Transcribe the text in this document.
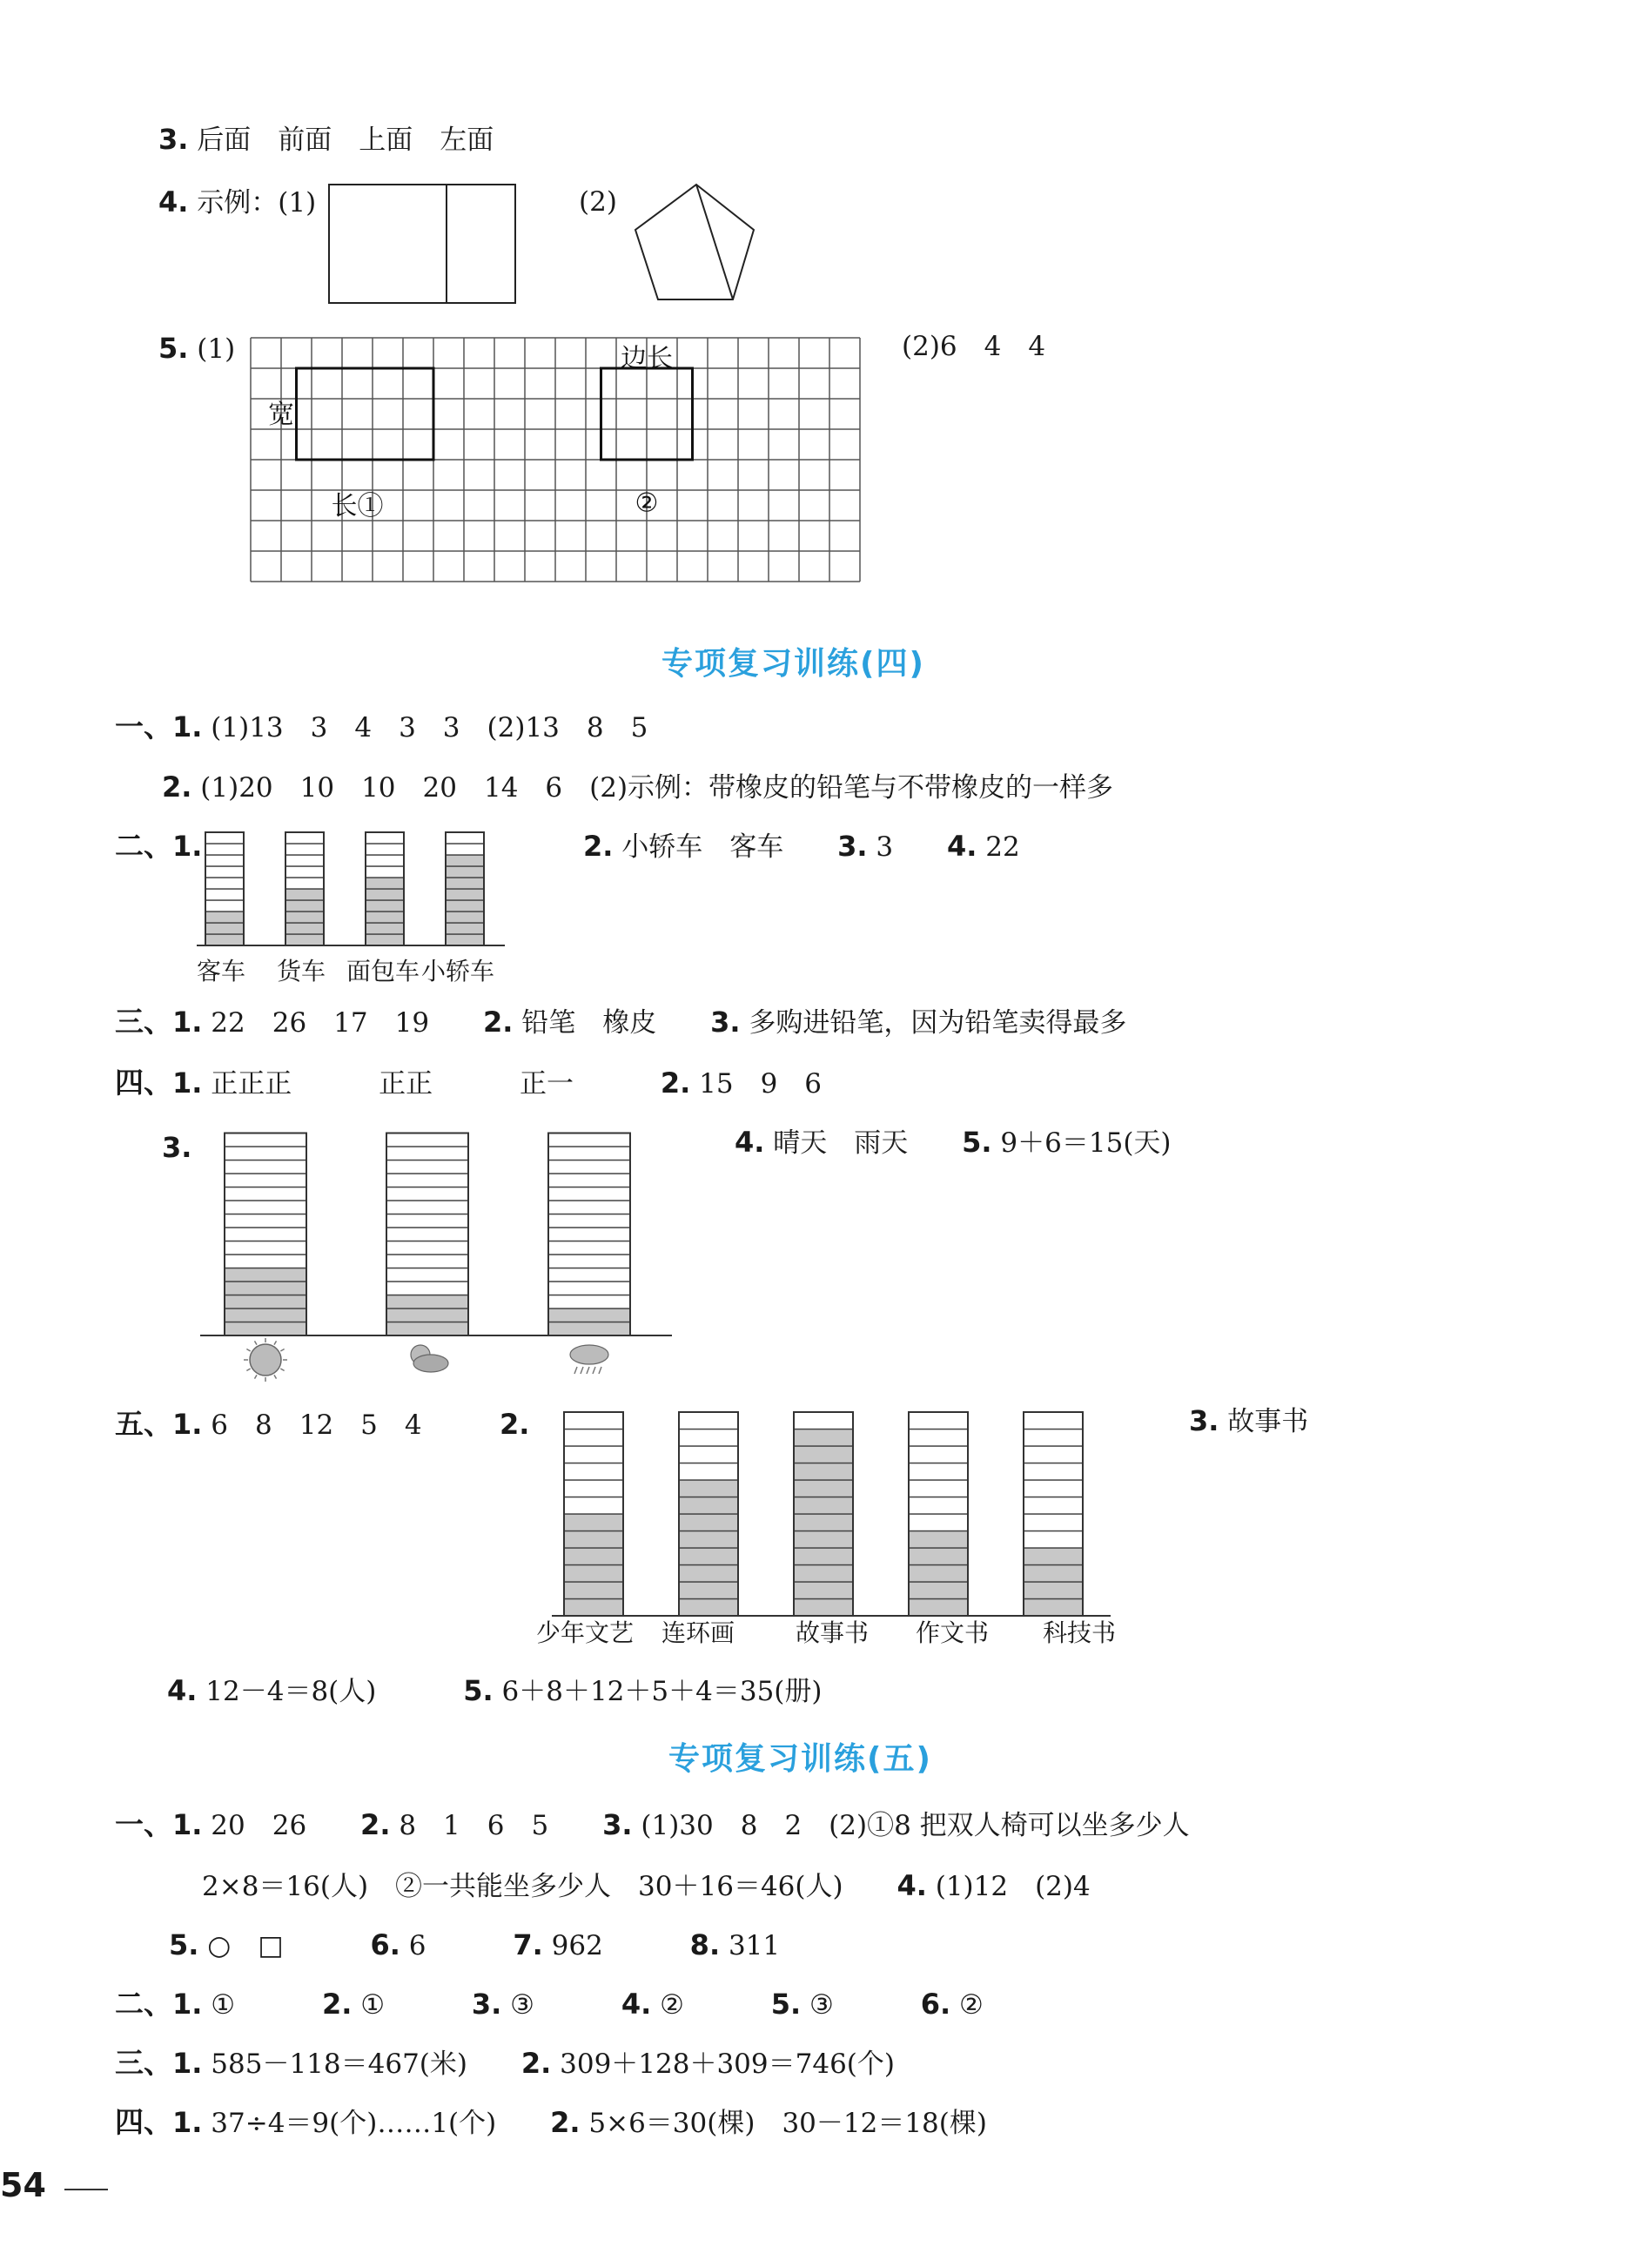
3. 后面　前面　上面　左面
4. 示例：(1)	(2)
5. (1)
宽
长①
边长
②
(2)6　4　4
专项复习训练(四)
一、1. (1)13　3　4　3　3　(2)13　8　5
2. (1)20　10　10　20　14　6　(2)示例：带橡皮的铅笔与不带橡皮的一样多
二、1.
客车 货车 面包车 小轿车
2. 小轿车　客车 3. 3 4. 22
三、1. 22　26　17　19 2. 铅笔　橡皮 3. 多购进铅笔，因为铅笔卖得最多
四、1. 正正正	正正	正一	2. 15　9　6
3.	4. 晴天　雨天 5. 9＋6＝15(天)
五、1. 6　8　12　5　4	2.
少年文艺 连环画 故事书 作文书 科技书
3. 故事书
4. 12－4＝8(人)	5. 6＋8＋12＋5＋4＝35(册)
专项复习训练(五)
一、1. 20　26 2. 8　1　6　5 3. (1)30　8　2　(2)①8 把双人椅可以坐多少人
2×8＝16(人)　②一共能坐多少人　30＋16＝46(人) 4. (1)12　(2)4
5. ○　□	6. 6	7. 962	8. 311
二、1. ①	2. ①	3. ③	4. ②	5. ③	6. ②
三、1. 585－118＝467(米) 2. 309＋128＋309＝746(个)
四、1. 37÷4＝9(个)……1(个) 2. 5×6＝30(棵)　30－12＝18(棵)
54
